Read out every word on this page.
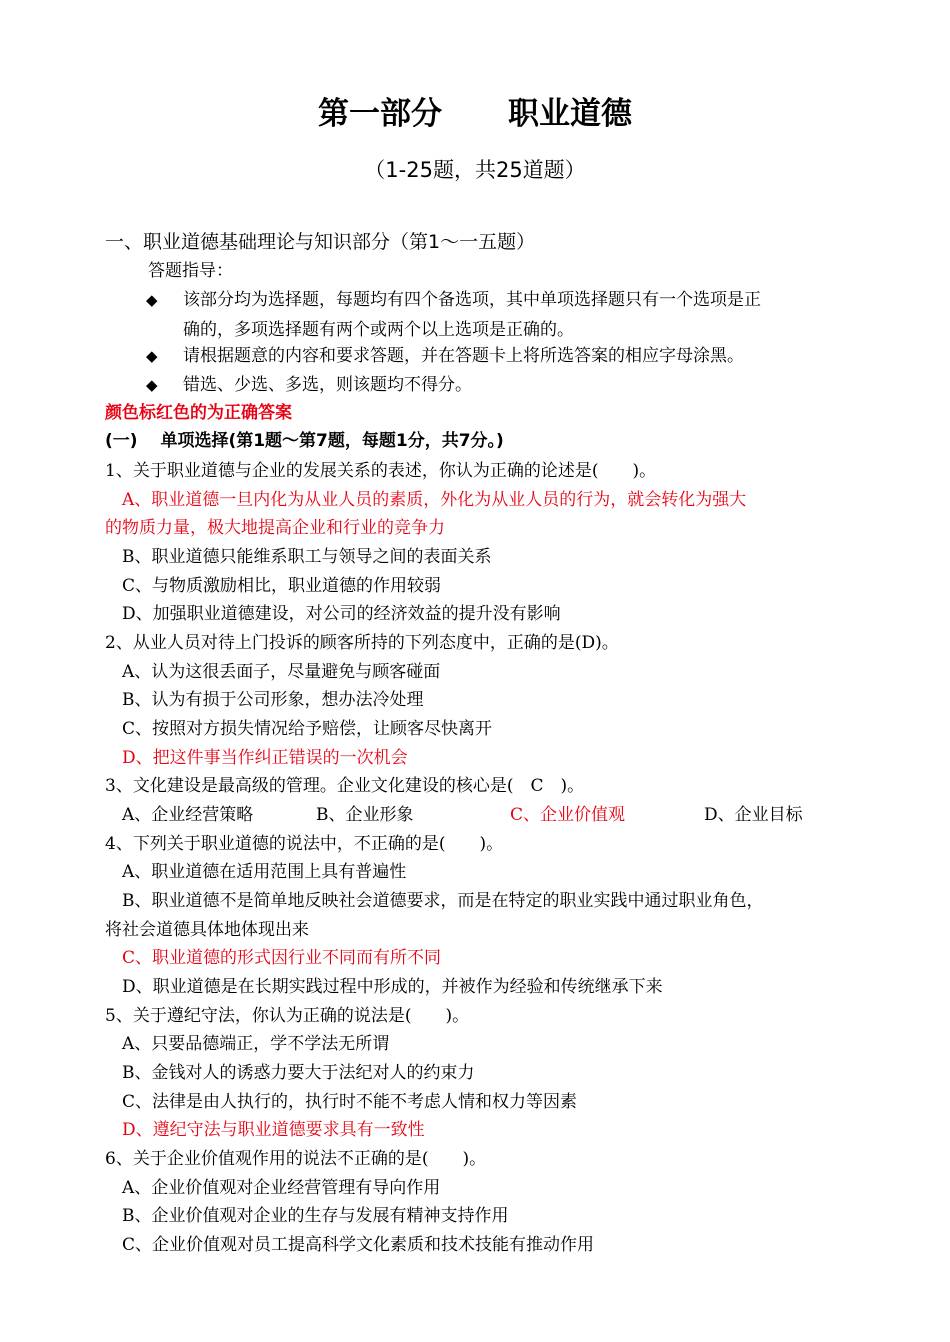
第一部分 职业道德
（1-25题，共25道题）
一、职业道德基础理论与知识部分（第1～一五题）
答题指导：
◆ 该部分均为选择题，每题均有四个备选项，其中单项选择题只有一个选项是正
确的，多项选择题有两个或两个以上选项是正确的。
◆ 请根据题意的内容和要求答题，并在答题卡上将所选答案的相应字母涂黑。
◆ 错选、少选、多选，则该题均不得分。
颜色标红色的为正确答案
(一)　 单项选择(第1题～第7题，每题1分，共7分。)
1、关于职业道德与企业的发展关系的表述，你认为正确的论述是(　　)。
A、职业道德一旦内化为从业人员的素质，外化为从业人员的行为，就会转化为强大
的物质力量，极大地提高企业和行业的竞争力
B、职业道德只能维系职工与领导之间的表面关系
C、与物质激励相比，职业道德的作用较弱
D、加强职业道德建设，对公司的经济效益的提升没有影响
2、从业人员对待上门投诉的顾客所持的下列态度中，正确的是(D)。
A、认为这很丢面子，尽量避免与顾客碰面
B、认为有损于公司形象，想办法冷处理
C、按照对方损失情况给予赔偿，让顾客尽快离开
D、把这件事当作纠正错误的一次机会
3、文化建设是最高级的管理。企业文化建设的核心是(　C　)。
A、企业经营策略	B、企业形象	C、企业价值观	D、企业目标
4、下列关于职业道德的说法中，不正确的是(　　)。
A、职业道德在适用范围上具有普遍性
B、职业道德不是简单地反映社会道德要求，而是在特定的职业实践中通过职业角色，
将社会道德具体地体现出来
C、职业道德的形式因行业不同而有所不同
D、职业道德是在长期实践过程中形成的，并被作为经验和传统继承下来
5、关于遵纪守法，你认为正确的说法是(　　)。
A、只要品德端正，学不学法无所谓
B、金钱对人的诱惑力要大于法纪对人的约束力
C、法律是由人执行的，执行时不能不考虑人情和权力等因素
D、遵纪守法与职业道德要求具有一致性
6、关于企业价值观作用的说法不正确的是(　　)。
A、企业价值观对企业经营管理有导向作用
B、企业价值观对企业的生存与发展有精神支持作用
C、企业价值观对员工提高科学文化素质和技术技能有推动作用
